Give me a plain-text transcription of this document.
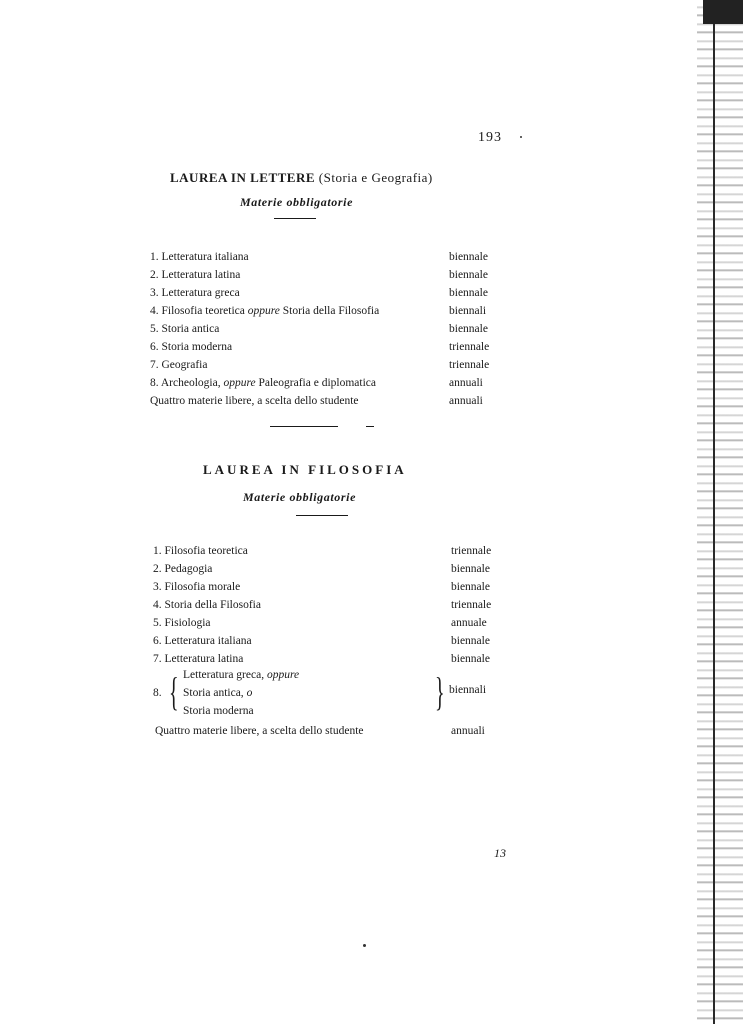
193
LAUREA IN LETTERE (Storia e Geografia)
Materie obbligatorie
1. Letteratura italiana	biennale
2. Letteratura latina	biennale
3. Letteratura greca	biennale
4. Filosofia teoretica oppure Storia della Filosofia	biennali
5. Storia antica	biennale
6. Storia moderna	triennale
7. Geografia	triennale
8. Archeologia, oppure Paleografia e diplomatica	annuali
Quattro materie libere, a scelta dello studente	annuali
LAUREA IN FILOSOFIA
Materie obbligatorie
1. Filosofia teoretica	triennale
2. Pedagogia	biennale
3. Filosofia morale	biennale
4. Storia della Filosofia	triennale
5. Fisiologia	annuale
6. Letteratura italiana	biennale
7. Letteratura latina	biennale
8. { Letteratura greca, oppure
Storia antica, o
Storia moderna	} biennali
Quattro materie libere, a scelta dello studente	annuali
13
